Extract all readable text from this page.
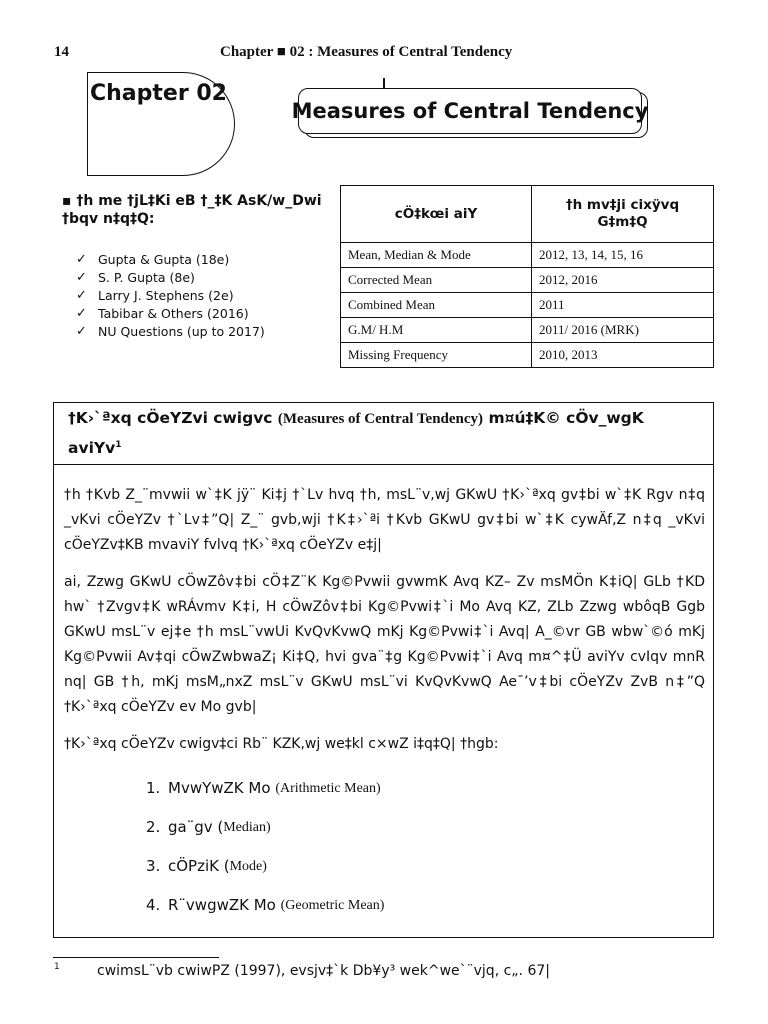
14	Chapter ■ 02 : Measures of Central Tendency
Chapter 02
Measures of Central Tendency
▪ †h me †jL‡Ki eB †_‡K AsK/w_Dwi †bqv n‡q‡Q:
✓ Gupta & Gupta (18e)
✓ S. P. Gupta (8e)
✓ Larry J. Stephens (2e)
✓ Tabibar & Others (2016)
✓ NU Questions (up to 2017)
cÖ‡kœi aiY	†h mv‡ji cixÿvq G‡m‡Q
Mean, Median & Mode	2012, 13, 14, 15, 16
Corrected Mean	2012, 2016
Combined Mean	2011
G.M/ H.M	2011/ 2016 (MRK)
Missing Frequency	2010, 2013
†K›`ªxq cÖeYZvi cwigvc (Measures of Central Tendency) m¤ú‡K© cÖv_wgK aviYv$^1$

†h †Kvb Z_¨mvwii w`‡K jÿ¨ Ki‡j †`Lv hvq †h, msL¨v,wj GKwU †K›`ªxq gv‡bi w`‡K Rgv n‡q _vKvi cÖeYZv †`Lv‡”Q| Z_¨ gvb,wji †K‡›`ªi †Kvb GKwU gv‡bi w`‡K cywÄf‚Z n‡q _vKvi cÖeYZv‡KB mvaviY fvlvq †K›`ªxq cÖeYZv e‡j|

ai, Zzwg GKwU cÖwZôv‡bi cÖ‡Z¨K Kg©Pvwii gvwmK Avq KZ– Zv msMÖn K‡iQ| GLb †KD hw` †Zvgv‡K wRÁvmv K‡i, H cÖwZôv‡bi Kg©Pvwi‡`i Mo Avq KZ, ZLb Zzwg wbôqB Ggb GKwU msL¨v ej‡e †h msL¨vwUi KvQvKvwQ mKj Kg©Pvwi‡`i Avq| A_©vr GB wbw`©ó mKj Kg©Pvwii Av‡qi cÖwZwbwaZ¡ Ki‡Q, hvi gva¨‡g Kg©Pvwi‡`i Avq m¤^‡Ü aviYv cvIqv mnR nq| GB †h, mKj msM„nxZ msL¨v GKwU msL¨vi KvQvKvwQ Ae¯’v‡bi cÖeYZv ZvB n‡”Q †K›`ªxq cÖeYZv ev Mo gvb|

†K›`ªxq cÖeYZv cwigv‡ci Rb¨ KZK,wj we‡kl c×wZ i‡q‡Q| †hgb:

1. MvwYwZK Mo
(Arithmetic Mean)
2. ga¨gv ( Median)
3. cÖPziK ( Mode)
4. R¨vwgwZK Mo
(Geometric Mean)
1	cwimsL¨vb cwiwPZ (1997), evsjv‡`k Db¥y³ wek^we`¨vjq, c„. 67|
